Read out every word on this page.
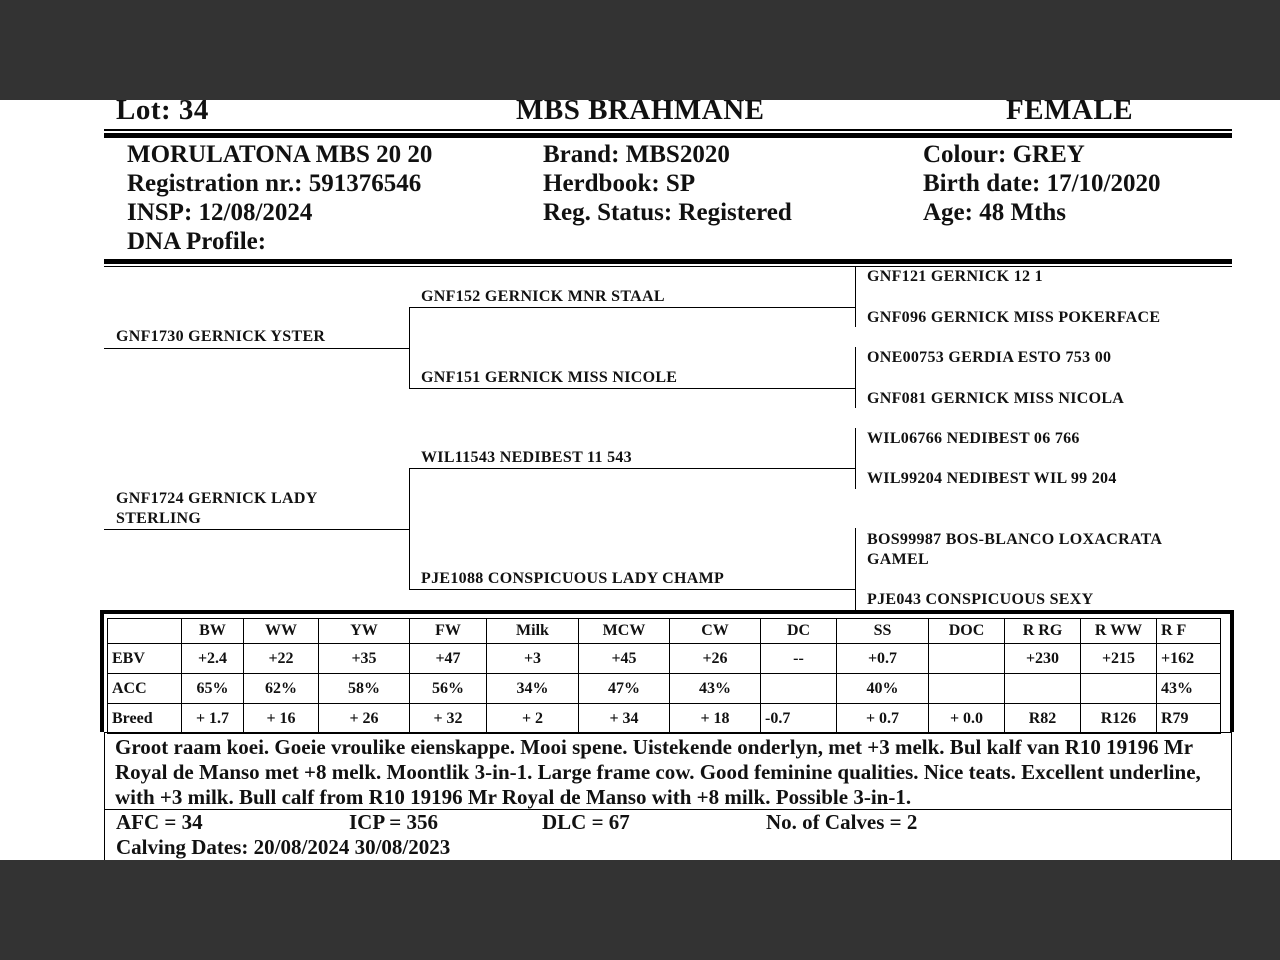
Lot: 34	MBS BRAHMANE	FEMALE
MORULATONA MBS 20 20
Registration nr.: 591376546
INSP: 12/08/2024
DNA Profile:
Brand: MBS2020
Herdbook: SP
Reg. Status: Registered
Colour: GREY
Birth date: 17/10/2020
Age: 48 Mths
GNF1730 GERNICK YSTER
GNF1724 GERNICK LADY STERLING
GNF152 GERNICK MNR STAAL
GNF151 GERNICK MISS NICOLE
WIL11543 NEDIBEST 11 543
PJE1088 CONSPICUOUS LADY CHAMP
GNF121 GERNICK 12 1
GNF096 GERNICK MISS POKERFACE
ONE00753 GERDIA ESTO 753 00
GNF081 GERNICK MISS NICOLA
WIL06766 NEDIBEST 06 766
WIL99204 NEDIBEST WIL 99 204
BOS99987 BOS-BLANCO LOXACRATA GAMEL
PJE043 CONSPICUOUS SEXY
	BW	WW	YW	FW	Milk	MCW	CW	DC	SS	DOC	R RG	R WW	R F
EBV	+2.4	+22	+35	+47	+3	+45	+26	--	+0.7		+230	+215	+162
ACC	65%	62%	58%	56%	34%	47%	43%		40%				43%
Breed	+ 1.7	+ 16	+ 26	+ 32	+ 2	+ 34	+ 18	-0.7	+ 0.7	+ 0.0	R82	R126	R79
Groot raam koei. Goeie vroulike eienskappe. Mooi spene. Uistekende onderlyn, met +3 melk. Bul kalf van R10 19196 Mr Royal de Manso met +8 melk. Moontlik 3-in-1. Large frame cow. Good feminine qualities. Nice teats. Excellent underline, with +3 milk. Bull calf from R10 19196 Mr Royal de Manso with +8 milk. Possible 3-in-1.
AFC = 34	ICP = 356	DLC = 67	No. of Calves = 2
Calving Dates: 20/08/2024 30/08/2023
